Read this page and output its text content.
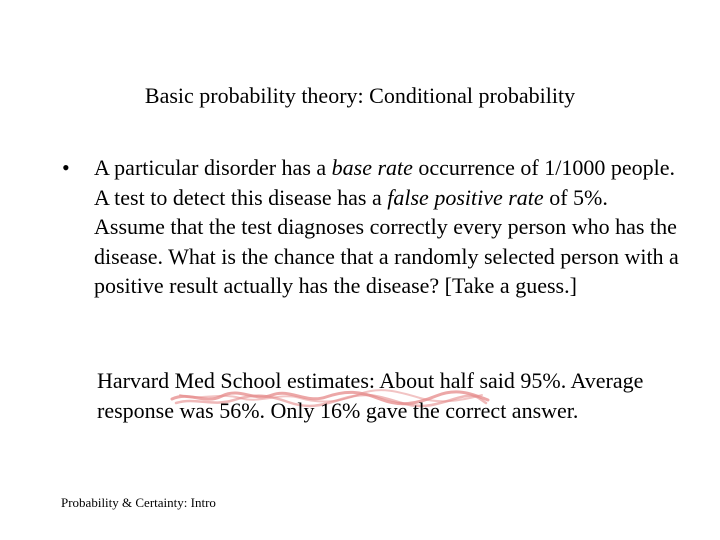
Basic probability theory: Conditional probability
•	A particular disorder has a base rate occurrence of 1/1000 people. A test to detect this disease has a false positive rate of 5%. Assume that the test diagnoses correctly every person who has the disease. What is the chance that a randomly selected person with a positive result actually has the disease? [Take a guess.]
Harvard Med School estimates: About half said 95%. Average response was 56%. Only 16% gave the correct answer.
Probability & Certainty: Intro
